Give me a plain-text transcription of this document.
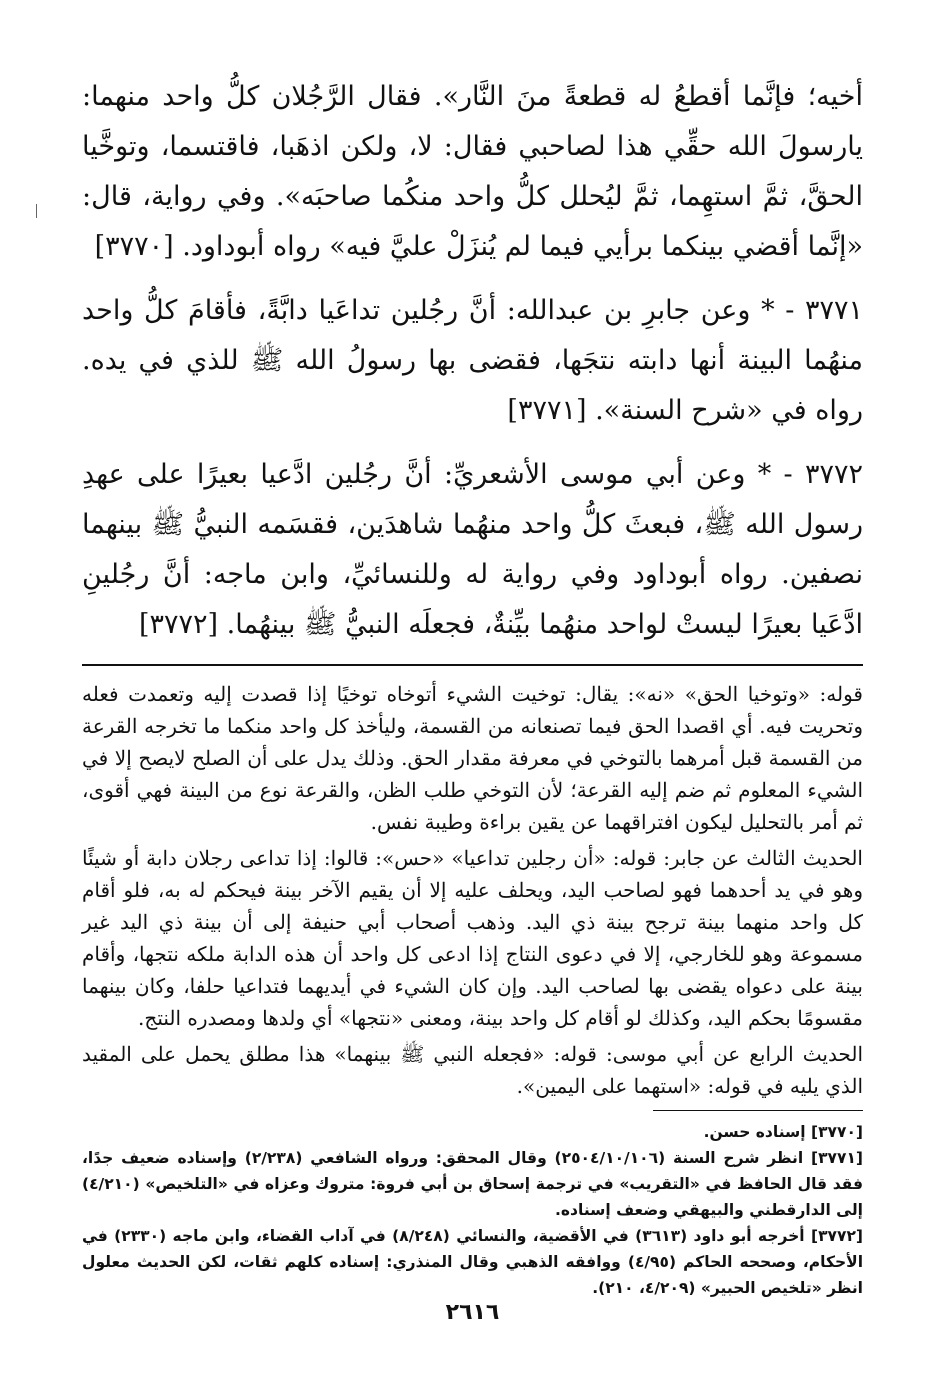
أخيه؛ فإنَّما أقطعُ له قطعةً منَ النَّار». فقال الرَّجُلان كلُّ واحد منهما: يارسولَ الله حقِّي هذا لصاحبي فقال: لا، ولكن اذهَبا، فاقتسما، وتوخَّيا الحقَّ، ثمَّ استهِما، ثمَّ ليُحلل كلُّ واحد منكُما صاحبَه». وفي رواية، قال: «إنَّما أقضي بينكما برأيي فيما لم يُنزَلْ عليَّ فيه» رواه أبوداود. [٣٧٧٠]

٣٧٧١ - * وعن جابرِ بن عبدالله: أنَّ رجُلين تداعَيا دابَّةً، فأقامَ كلُّ واحد منهُما البينة أنها دابته نتجَها، فقضى بها رسولُ الله ﷺ للذي في يده. رواه في «شرح السنة». [٣٧٧١]

٣٧٧٢ - * وعن أبي موسى الأشعريِّ: أنَّ رجُلين ادَّعيا بعيرًا على عهدِ رسول الله ﷺ، فبعثَ كلُّ واحد منهُما شاهدَين، فقسَمه النبيُّ ﷺ بينهما نصفين. رواه أبوداود وفي رواية له وللنسائيِّ، وابن ماجه: أنَّ رجُلينِ ادَّعَيا بعيرًا ليستْ لواحد منهُما بيِّنةٌ، فجعلَه النبيُّ ﷺ بينهُما. [٣٧٧٢]

قوله: «وتوخيا الحق» «نه»: يقال: توخيت الشيء أتوخاه توخيًا إذا قصدت إليه وتعمدت فعله وتحريت فيه. أي اقصدا الحق فيما تصنعانه من القسمة، وليأخذ كل واحد منكما ما تخرجه القرعة من القسمة قبل أمرهما بالتوخي في معرفة مقدار الحق. وذلك يدل على أن الصلح لايصح إلا في الشيء المعلوم ثم ضم إليه القرعة؛ لأن التوخي طلب الظن، والقرعة نوع من البينة فهي أقوى، ثم أمر بالتحليل ليكون افتراقهما عن يقين براءة وطيبة نفس.

الحديث الثالث عن جابر: قوله: «أن رجلين تداعيا» «حس»: قالوا: إذا تداعى رجلان دابة أو شيئًا وهو في يد أحدهما فهو لصاحب اليد، ويحلف عليه إلا أن يقيم الآخر بينة فيحكم له به، فلو أقام كل واحد منهما بينة ترجح بينة ذي اليد. وذهب أصحاب أبي حنيفة إلى أن بينة ذي اليد غير مسموعة وهو للخارجي، إلا في دعوى النتاج إذا ادعى كل واحد أن هذه الدابة ملكه نتجها، وأقام بينة على دعواه يقضى بها لصاحب اليد. وإن كان الشيء في أيديهما فتداعيا حلفا، وكان بينهما مقسومًا بحكم اليد، وكذلك لو أقام كل واحد بينة، ومعنى «نتجها» أي ولدها ومصدره النتج.

الحديث الرابع عن أبي موسى: قوله: «فجعله النبي ﷺ بينهما» هذا مطلق يحمل على المقيد الذي يليه في قوله: «استهما على اليمين».

[٣٧٧٠] إسناده حسن.

[٣٧٧١] انظر شرح السنة (٢٥٠٤/١٠/١٠٦) وقال المحقق: ورواه الشافعي (٢/٢٣٨) وإسناده ضعيف جدًا، فقد قال الحافظ في «التقريب» في ترجمة إسحاق بن أبي فروة: متروك وعزاه في «التلخيص» (٤/٢١٠) إلى الدارقطني والبيهقي وضعف إسناده.

[٣٧٧٢] أخرجه أبو داود (٣٦١٣) في الأقضية، والنسائي (٨/٢٤٨) في آداب القضاء، وابن ماجه (٢٣٣٠) في الأحكام، وصححه الحاكم (٤/٩٥) ووافقه الذهبي وقال المنذري: إسناده كلهم ثقات، لكن الحديث معلول انظر «تلخيص الحبير» (٤/٢٠٩، ٢١٠).

٢٦١٦
